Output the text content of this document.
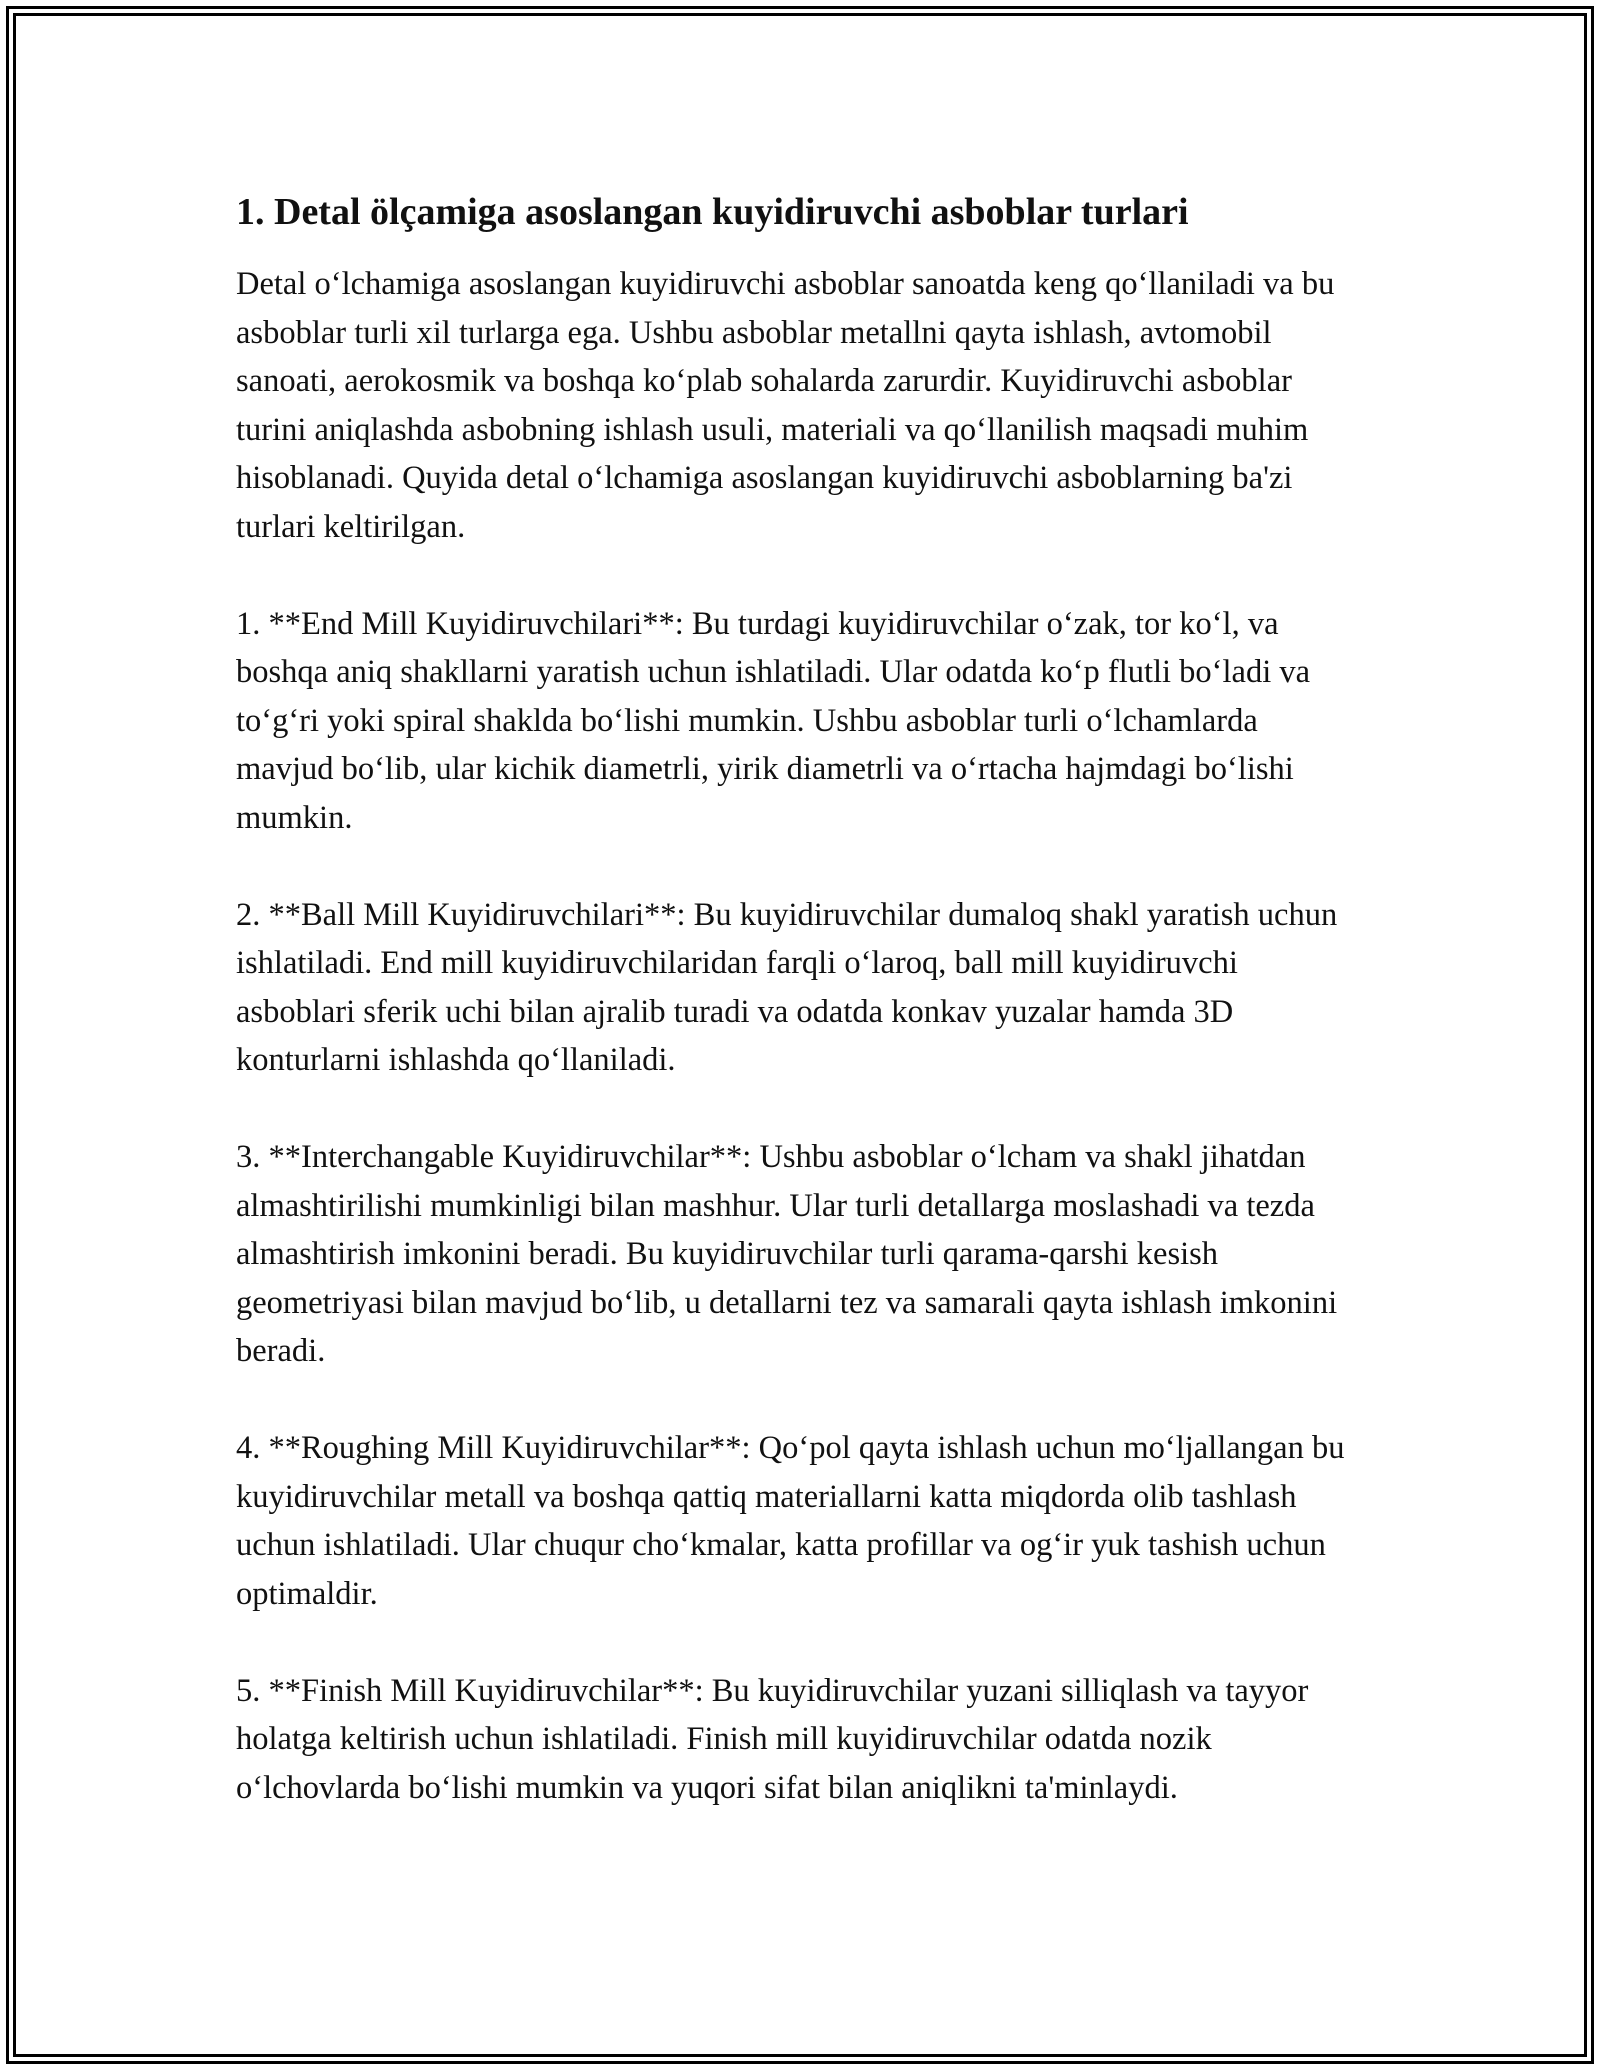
1. Detal ölçamiga asoslangan kuyidiruvchi asboblar turlari

Detal o‘lchamiga asoslangan kuyidiruvchi asboblar sanoatda keng qo‘llaniladi va bu asboblar turli xil turlarga ega. Ushbu asboblar metallni qayta ishlash, avtomobil sanoati, aerokosmik va boshqa ko‘plab sohalarda zarurdir. Kuyidiruvchi asboblar turini aniqlashda asbobning ishlash usuli, materiali va qo‘llanilish maqsadi muhim hisoblanadi. Quyida detal o‘lchamiga asoslangan kuyidiruvchi asboblarning ba'zi turlari keltirilgan.

1. **End Mill Kuyidiruvchilari**: Bu turdagi kuyidiruvchilar o‘zak, tor ko‘l, va boshqa aniq shakllarni yaratish uchun ishlatiladi. Ular odatda ko‘p flutli bo‘ladi va to‘g‘ri yoki spiral shaklda bo‘lishi mumkin. Ushbu asboblar turli o‘lchamlarda mavjud bo‘lib, ular kichik diametrli, yirik diametrli va o‘rtacha hajmdagi bo‘lishi mumkin.

2. **Ball Mill Kuyidiruvchilari**: Bu kuyidiruvchilar dumaloq shakl yaratish uchun ishlatiladi. End mill kuyidiruvchilaridan farqli o‘laroq, ball mill kuyidiruvchi asboblari sferik uchi bilan ajralib turadi va odatda konkav yuzalar hamda 3D konturlarni ishlashda qo‘llaniladi.

3. **Interchangable Kuyidiruvchilar**: Ushbu asboblar o‘lcham va shakl jihatdan almashtirilishi mumkinligi bilan mashhur. Ular turli detallarga moslashadi va tezda almashtirish imkonini beradi. Bu kuyidiruvchilar turli qarama-qarshi kesish geometriyasi bilan mavjud bo‘lib, u detallarni tez va samarali qayta ishlash imkonini beradi.

4. **Roughing Mill Kuyidiruvchilar**: Qo‘pol qayta ishlash uchun mo‘ljallangan bu kuyidiruvchilar metall va boshqa qattiq materiallarni katta miqdorda olib tashlash uchun ishlatiladi. Ular chuqur cho‘kmalar, katta profillar va og‘ir yuk tashish uchun optimaldir.

5. **Finish Mill Kuyidiruvchilar**: Bu kuyidiruvchilar yuzani silliqlash va tayyor holatga keltirish uchun ishlatiladi. Finish mill kuyidiruvchilar odatda nozik o‘lchovlarda bo‘lishi mumkin va yuqori sifat bilan aniqlikni ta'minlaydi.
